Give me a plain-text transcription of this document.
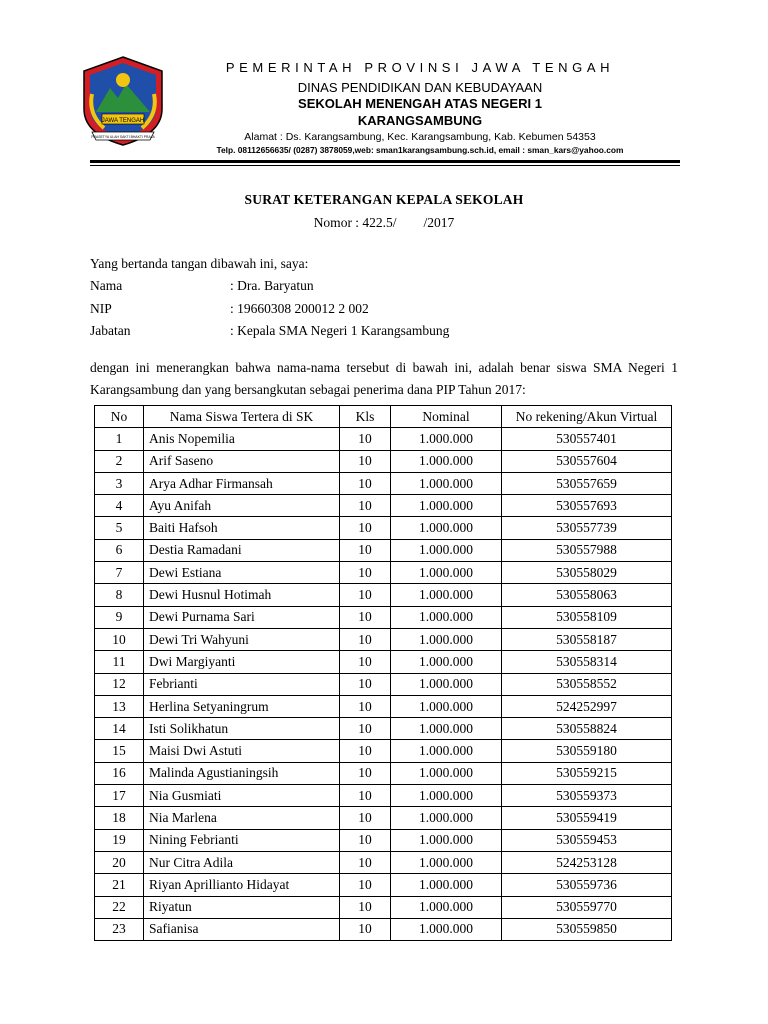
JAWA TENGAH
PRASETYA ULAH SAKTI BHAKTI PRAJA
PEMERINTAH PROVINSI JAWA TENGAH
DINAS PENDIDIKAN DAN KEBUDAYAAN
SEKOLAH MENENGAH ATAS NEGERI 1
KARANGSAMBUNG
Alamat : Ds. Karangsambung, Kec. Karangsambung, Kab. Kebumen 54353
Telp. 08112656635/ (0287) 3878059,web: sman1karangsambung.sch.id, email : sman_kars@yahoo.com
SURAT KETERANGAN KEPALA SEKOLAH
Nomor : 422.5/        /2017
Yang bertanda tangan dibawah ini, saya:
Nama	: Dra. Baryatun
NIP	: 19660308 200012 2 002
Jabatan	: Kepala SMA Negeri 1 Karangsambung
dengan ini menerangkan bahwa nama-nama tersebut di bawah ini, adalah benar siswa SMA Negeri 1 Karangsambung dan yang bersangkutan sebagai penerima dana PIP Tahun 2017:
No	Nama Siswa Tertera di SK	Kls	Nominal	No rekening/Akun Virtual
1	Anis Nopemilia	10	1.000.000	530557401
2	Arif Saseno	10	1.000.000	530557604
3	Arya Adhar Firmansah	10	1.000.000	530557659
4	Ayu Anifah	10	1.000.000	530557693
5	Baiti Hafsoh	10	1.000.000	530557739
6	Destia Ramadani	10	1.000.000	530557988
7	Dewi Estiana	10	1.000.000	530558029
8	Dewi Husnul Hotimah	10	1.000.000	530558063
9	Dewi Purnama Sari	10	1.000.000	530558109
10	Dewi Tri Wahyuni	10	1.000.000	530558187
11	Dwi Margiyanti	10	1.000.000	530558314
12	Febrianti	10	1.000.000	530558552
13	Herlina Setyaningrum	10	1.000.000	524252997
14	Isti Solikhatun	10	1.000.000	530558824
15	Maisi Dwi Astuti	10	1.000.000	530559180
16	Malinda Agustianingsih	10	1.000.000	530559215
17	Nia Gusmiati	10	1.000.000	530559373
18	Nia Marlena	10	1.000.000	530559419
19	Nining Febrianti	10	1.000.000	530559453
20	Nur Citra Adila	10	1.000.000	524253128
21	Riyan Aprillianto Hidayat	10	1.000.000	530559736
22	Riyatun	10	1.000.000	530559770
23	Safianisa	10	1.000.000	530559850
